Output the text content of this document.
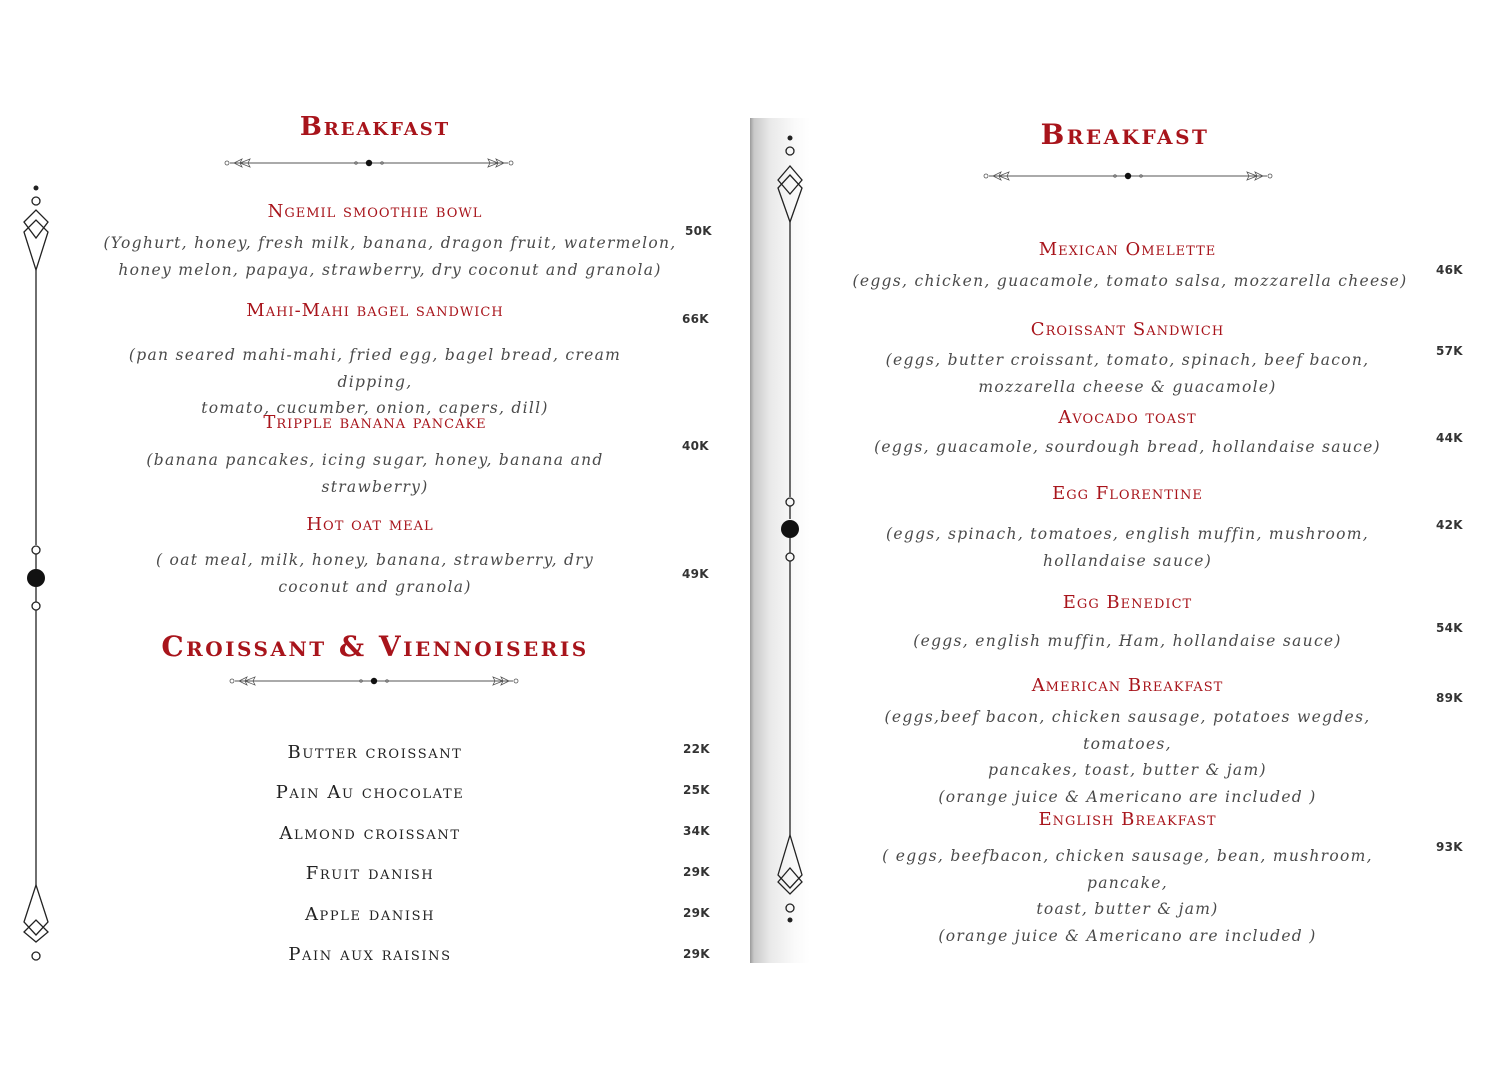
Breakfast
Ngemil smoothie bowl
(Yoghurt, honey, fresh milk, banana, dragon fruit, watermelon,
honey melon, papaya, strawberry, dry coconut and granola)
50K
Mahi-Mahi bagel sandwich
(pan seared mahi-mahi, fried egg, bagel bread, cream dipping,
tomato, cucumber, onion, capers, dill)
66K
Tripple banana pancake
(banana pancakes, icing sugar, honey, banana and
strawberry)
40K
Hot oat meal
( oat meal, milk, honey, banana, strawberry, dry
coconut and granola)
49K
Croissant & Viennoiseris
Butter croissant	22K
Pain Au chocolate	25K
Almond croissant	34K
Fruit danish	29K
Apple danish	29K
Pain aux raisins	29K
Breakfast
Mexican Omelette
(eggs, chicken, guacamole, tomato salsa, mozzarella cheese)
46K
Croissant Sandwich
(eggs, butter croissant, tomato, spinach, beef bacon,
mozzarella cheese & guacamole)
57K
Avocado toast
(eggs, guacamole, sourdough bread, hollandaise sauce)	44K
Egg Florentine
(eggs, spinach, tomatoes, english muffin, mushroom,
hollandaise sauce)
42K
Egg Benedict
(eggs, english muffin, Ham, hollandaise sauce)
54K
American Breakfast
(eggs,beef bacon, chicken sausage, potatoes wegdes, tomatoes,
pancakes, toast, butter & jam)
(orange juice & Americano are included )
89K
English Breakfast
( eggs, beefbacon, chicken sausage, bean, mushroom, pancake,
toast, butter & jam)
(orange juice & Americano are included )
93K
